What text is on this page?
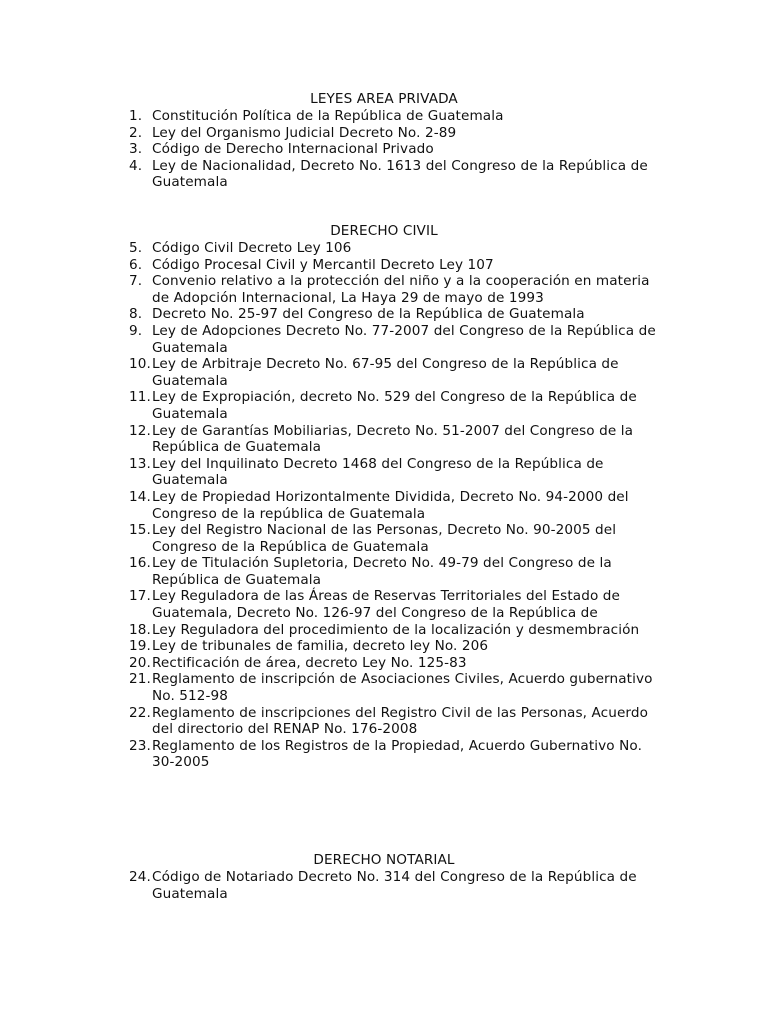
LEYES AREA PRIVADA
1. Constitución Política de la República de Guatemala
2. Ley del Organismo Judicial Decreto No. 2-89
3. Código de Derecho Internacional Privado
4. Ley de Nacionalidad, Decreto No. 1613 del Congreso de la República de
Guatemala
DERECHO CIVIL
5. Código Civil Decreto Ley 106
6. Código Procesal Civil y Mercantil Decreto Ley 107
7. Convenio relativo a la protección del niño y a la cooperación en materia
de Adopción Internacional, La Haya 29 de mayo de 1993
8. Decreto No. 25-97 del Congreso de la República de Guatemala
9. Ley de Adopciones Decreto No. 77-2007 del Congreso de la República de
Guatemala
10. Ley de Arbitraje Decreto No. 67-95 del Congreso de la República de
Guatemala
11. Ley de Expropiación, decreto No. 529 del Congreso de la República de
Guatemala
12. Ley de Garantías Mobiliarias, Decreto No. 51-2007 del Congreso de la
República de Guatemala
13. Ley del Inquilinato Decreto 1468 del Congreso de la República de
Guatemala
14. Ley de Propiedad Horizontalmente Dividida, Decreto No. 94-2000 del
Congreso de la república de Guatemala
15. Ley del Registro Nacional de las Personas, Decreto No. 90-2005 del
Congreso de la República de Guatemala
16. Ley de Titulación Supletoria, Decreto No. 49-79 del Congreso de la
República de Guatemala
17. Ley Reguladora de las Áreas de Reservas Territoriales del Estado de
Guatemala, Decreto No. 126-97 del Congreso de la República de
18. Ley Reguladora del procedimiento de la localización y desmembración
19. Ley de tribunales de familia, decreto ley No. 206
20. Rectificación de área, decreto Ley No. 125-83
21. Reglamento de inscripción de Asociaciones Civiles, Acuerdo gubernativo
No. 512-98
22. Reglamento de inscripciones del Registro Civil de las Personas, Acuerdo
del directorio del RENAP No. 176-2008
23. Reglamento de los Registros de la Propiedad, Acuerdo Gubernativo No.
30-2005
DERECHO NOTARIAL
24. Código de Notariado Decreto No. 314 del Congreso de la República de
Guatemala
